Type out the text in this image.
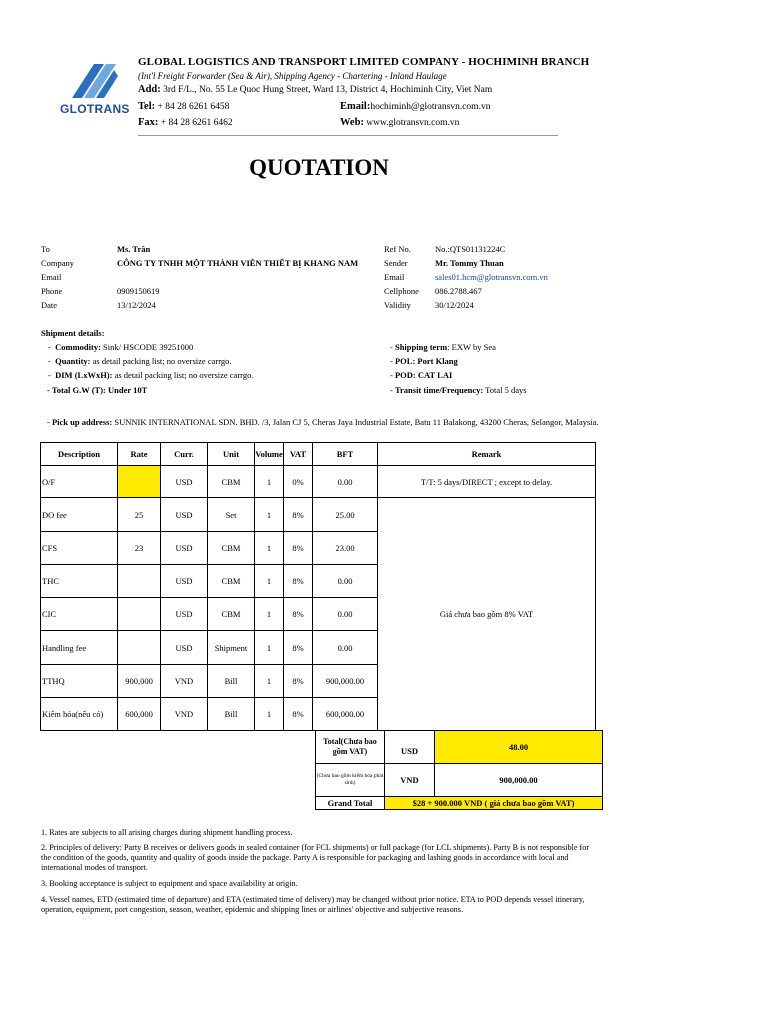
GLOTRANS
GLOBAL LOGISTICS AND TRANSPORT LIMITED COMPANY - HOCHIMINH BRANCH
(Int'l Freight Forwarder (Sea & Air), Shipping Agency - Chartering - Inland Haulage
Add: 3rd F/L., No. 55 Le Quoc Hung Street, Ward 13, District 4, Hochiminh City, Viet Nam
Tel: + 84 28 6261 6458
Fax: + 84 28 6261 6462
Email:hochiminh@glotransvn.com.vn
Web: www.glotransvn.com.vn
QUOTATION
To	Ms. Trân
Company	CÔNG TY TNHH MỘT THÀNH VIÊN THIẾT BỊ KHANG NAM
Email
Phone	0909150619
Date	13/12/2024
Ref No.	No.:QTS01131224C
Sender	Mr. Tommy Thuan
Email	sales01.hcm@glotransvn.com.vn
Cellphone 086.2788.467
Validity	30/12/2024
Shipment details:
-  Commodity: Sink/ HSCODE 39251000
-  Quantity: as detail packing list; no oversize carrgo.
-  DIM (LxWxH): as detail packing list; no oversize carrgo.
- Total G.W (T): Under 10T
- Shipping term: EXW by Sea
- POL: Port Klang
- POD: CAT LAI
- Transit time/Frequency: Total 5 days
- Pick up address: SUNNIK INTERNATIONAL SDN. BHD. /3, Jalan CJ 5, Cheras Jaya Industrial Estate, Batu 11 Balakong, 43200 Cheras, Selangor, Malaysia.
Description	Rate	Curr.	Unit	Volume	VAT	BFT	Remark
O/F		USD	CBM	1	0%	0.00	T/T: 5 days/DIRECT ; except to delay.
DO fee	25	USD	Set	1	8%	25.00	Giá chưa bao gồm 8% VAT
CFS	23	USD	CBM	1	8%	23.00	
THC		USD	CBM	1	8%	0.00	
CIC		USD	CBM	1	8%	0.00	
Handling fee		USD	Shipment	1	8%	0.00	
TTHQ	900,000	VND	Bill	1	8%	900,000.00	
Kiểm hóa(nếu có)	600,000	VND	Bill	1	8%	600,000.00	
Total(Chưa bao gồm VAT)	USD	48.00
(Chưa bao gồm kiểm hóa phát sinh)	VND	900,000.00
Grand Total	$28 + 900.000 VND ( giá chưa bao gồm VAT)	
1. Rates are subjects to all arising charges during shipment handling process.
2. Principles of delivery: Party B receives or delivers goods in sealed container (for FCL shipments) or full package (for LCL shipments). Party B is not responsible for the condition of the goods, quantity and quality of goods inside the package. Party A is responsible for packaging and lashing goods in accordance with local and international modes of transport.
3. Booking acceptance is subject to equipment and space availability at origin.
4. Vessel names, ETD (estimated time of departure) and ETA (estimated time of delivery) may be changed without prior notice. ETA to POD depends vessel itinerary, operation, equipment, port congestion, season, weather, epidemic and shipping lines or airlines' objective and subjective reasons.
